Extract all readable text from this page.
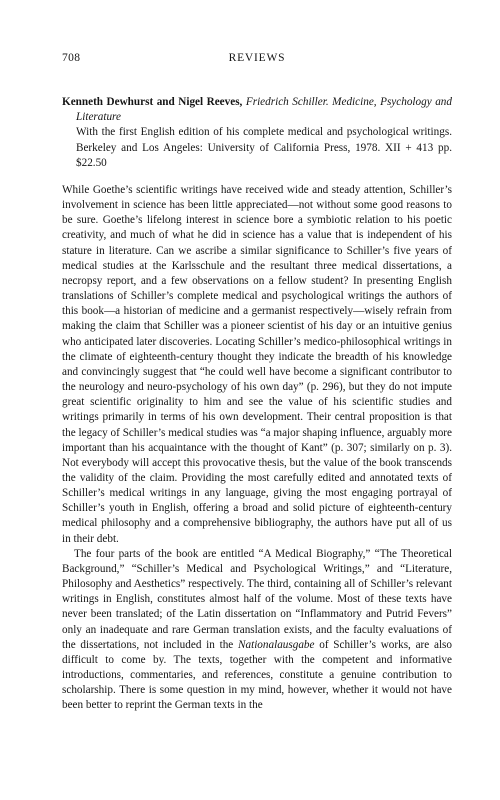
708	REVIEWS
Kenneth Dewhurst and Nigel Reeves, Friedrich Schiller. Medicine, Psychology and Literature
With the first English edition of his complete medical and psychological writings. Berkeley and Los Angeles: University of California Press, 1978. XII + 413 pp. $22.50

While Goethe’s scientific writings have received wide and steady attention, Schiller’s involvement in science has been little appreciated—not without some good reasons to be sure. Goethe’s lifelong interest in science bore a symbiotic relation to his poetic creativity, and much of what he did in science has a value that is independent of his stature in literature. Can we ascribe a similar significance to Schiller’s five years of medical studies at the Karlsschule and the resultant three medical dissertations, a necropsy report, and a few observations on a fellow student? In presenting English translations of Schiller’s complete medical and psychological writings the authors of this book—a historian of medicine and a germanist respectively—wisely refrain from making the claim that Schiller was a pioneer scientist of his day or an intuitive genius who anticipated later discoveries. Locating Schiller’s medico-philosophical writings in the climate of eighteenth-century thought they indicate the breadth of his knowledge and convincingly suggest that “he could well have become a significant contributor to the neurology and neuro-psychology of his own day” (p. 296), but they do not impute great scientific originality to him and see the value of his scientific studies and writings primarily in terms of his own development. Their central proposition is that the legacy of Schiller’s medical studies was “a major shaping influence, arguably more important than his acquaintance with the thought of Kant” (p. 307; similarly on p. 3). Not everybody will accept this provocative thesis, but the value of the book transcends the validity of the claim. Providing the most carefully edited and annotated texts of Schiller’s medical writings in any language, giving the most engaging portrayal of Schiller’s youth in English, offering a broad and solid picture of eighteenth-century medical philosophy and a comprehensive bibliography, the authors have put all of us in their debt.

The four parts of the book are entitled “A Medical Biography,” “The Theoretical Background,” “Schiller’s Medical and Psychological Writings,” and “Literature, Philosophy and Aesthetics” respectively. The third, containing all of Schiller’s relevant writings in English, constitutes almost half of the volume. Most of these texts have never been translated; of the Latin dissertation on “Inflammatory and Putrid Fevers” only an inadequate and rare German translation exists, and the faculty evaluations of the dissertations, not included in the Nationalausgabe of Schiller’s works, are also difficult to come by. The texts, together with the competent and informative introductions, commentaries, and references, constitute a genuine contribution to scholarship. There is some question in my mind, however, whether it would not have been better to reprint the German texts in the
